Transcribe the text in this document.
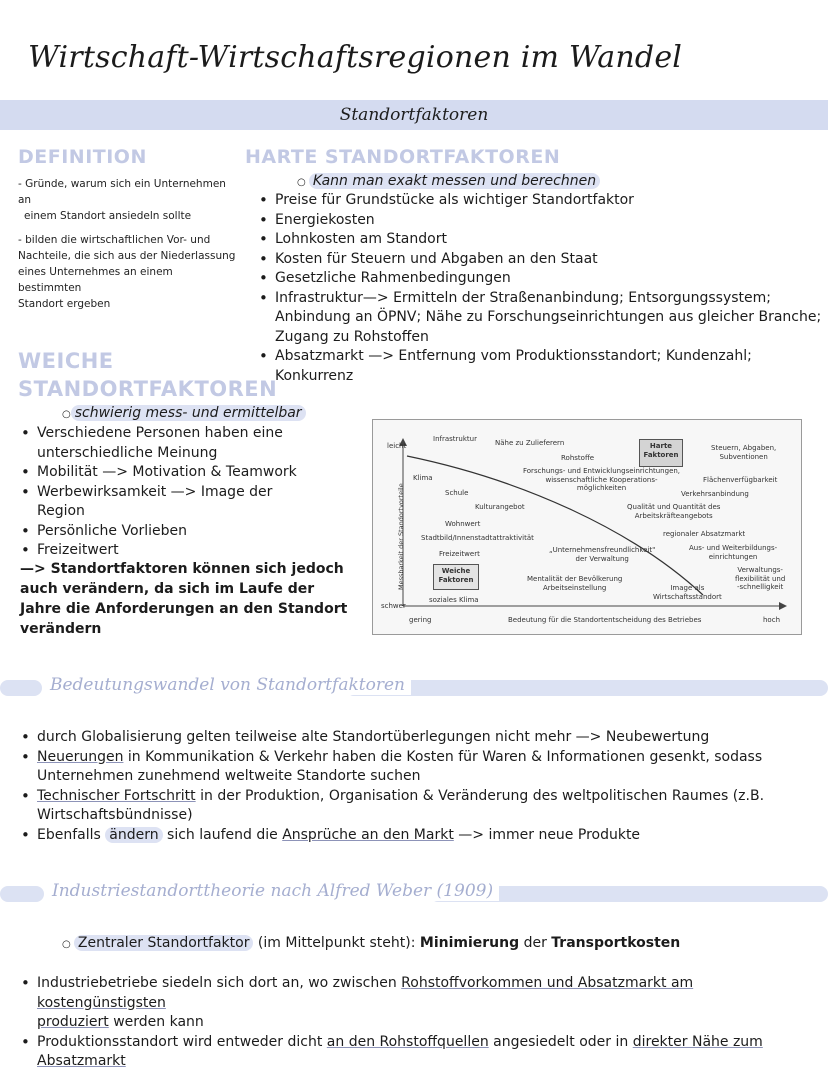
Wirtschaft-Wirtschaftsregionen im Wandel
Standortfaktoren
DEFINITION
- Gründe, warum sich ein Unternehmen an
einem Standort ansiedeln sollte
- bilden die wirtschaftlichen Vor- und
Nachteile, die sich aus der Niederlassung
eines Unternehmes an einem bestimmten
Standort ergeben
HARTE STANDORTFAKTOREN
○ Kann man exakt messen und berechnen
• Preise für Grundstücke als wichtiger Standortfaktor
• Energiekosten
• Lohnkosten am Standort
• Kosten für Steuern und Abgaben an den Staat
• Gesetzliche Rahmenbedingungen
• Infrastruktur—> Ermitteln der Straßenanbindung; Entsorgungssystem; Anbindung an ÖPNV; Nähe zu Forschungseinrichtungen aus gleicher Branche; Zugang zu Rohstoffen
• Absatzmarkt —> Entfernung vom Produktionsstandort; Kundenzahl; Konkurrenz
WEICHE
STANDORTFAKTOREN
○ schwierig mess- und ermittelbar
• Verschiedene Personen haben eine unterschiedliche Meinung
• Mobilität —> Motivation & Teamwork
• Werbewirksamkeit —> Image der Region
• Persönliche Vorlieben
• Freizeitwert
—> Standortfaktoren können sich jedoch auch verändern, da sich im Laufe der Jahre die Anforderungen an den Standort verändern
leicht
schwer
Messbarkeit der Standortvorteile
gering	Bedeutung für die Standortentscheidung des Betriebes	hoch
Harte
Faktoren
Weiche
Faktoren
Infrastruktur	Nähe zu Zulieferern
Rohstoffe
Steuern, Abgaben,
Subventionen
Klima
Forschungs- und Entwicklungseinrichtungen,
wissenschaftliche Kooperations-
möglichkeiten
Flächenverfügbarkeit
Schule	Verkehrsanbindung
Kulturangebot	Qualität und Quantität des
Arbeitskräfteangebots
Wohnwert
Stadtbild/Innenstadtattraktivität	regionaler Absatzmarkt
Freizeitwert	„Unternehmensfreundlichkeit"
der Verwaltung
Aus- und Weiterbildungs-
einrichtungen
Verwaltungs-
flexibilität und
-schnelligkeit
Mentalität der Bevölkerung
Arbeitseinstellung	Image als
Wirtschaftsstandort
soziales Klima
Bedeutungswandel von Standortfaktoren
• durch Globalisierung gelten teilweise alte Standortüberlegungen nicht mehr —> Neubewertung
• Neuerungen in Kommunikation & Verkehr haben die Kosten für Waren & Informationen gesenkt, sodass Unternehmen zunehmend weltweite Standorte suchen
• Technischer Fortschritt in der Produktion, Organisation & Veränderung des weltpolitischen Raumes (z.B. Wirtschaftsbündnisse)
• Ebenfalls ändern sich laufend die Ansprüche an den Markt —> immer neue Produkte
Industriestandorttheorie nach Alfred Weber (1909)
○ Zentraler Standortfaktor (im Mittelpunkt steht): Minimierung der Transportkosten
• Industriebetriebe siedeln sich dort an, wo zwischen Rohstoffvorkommen und Absatzmarkt am kostengünstigsten
produziert werden kann
• Produktionsstandort wird entweder dicht an den Rohstoffquellen angesiedelt oder in direkter Nähe zum
Absatzmarkt
